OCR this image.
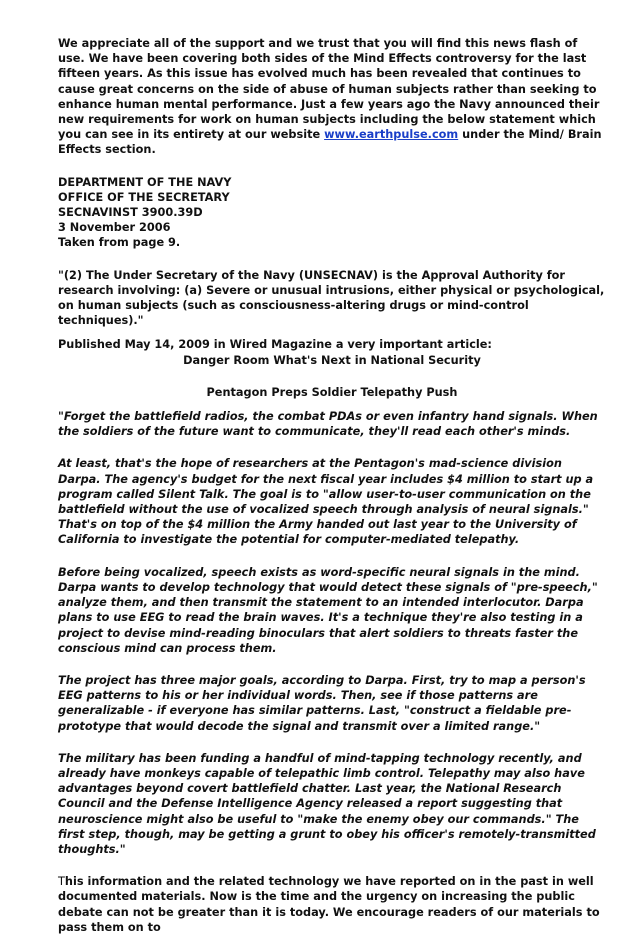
We appreciate all of the support and we trust that you will find this news flash of use. We have been covering both sides of the Mind Effects controversy for the last fifteen years. As this issue has evolved much has been revealed that continues to cause great concerns on the side of abuse of human subjects rather than seeking to enhance human mental performance. Just a few years ago the Navy announced their new requirements for work on human subjects including the below statement which you can see in its entirety at our website www.earthpulse.com under the Mind/ Brain Effects section.

DEPARTMENT OF THE NAVY

OFFICE OF THE SECRETARY

SECNAVINST 3900.39D

3 November 2006

Taken from page 9.

"(2) The Under Secretary of the Navy (UNSECNAV) is the Approval Authority for research involving: (a) Severe or unusual intrusions, either physical or psychological, on human subjects (such as consciousness-altering drugs or mind-control techniques)."

Published May 14, 2009 in Wired Magazine a very important article:

Danger Room What's Next in National Security

Pentagon Preps Soldier Telepathy Push

"Forget the battlefield radios, the combat PDAs or even infantry hand signals. When the soldiers of the future want to communicate, they'll read each other's minds.

At least, that's the hope of researchers at the Pentagon's mad-science division Darpa. The agency's budget for the next fiscal year includes $4 million to start up a program called Silent Talk. The goal is to "allow user-to-user communication on the battlefield without the use of vocalized speech through analysis of neural signals." That's on top of the $4 million the Army handed out last year to the University of California to investigate the potential for computer-mediated telepathy.

Before being vocalized, speech exists as word-specific neural signals in the mind. Darpa wants to develop technology that would detect these signals of "pre-speech," analyze them, and then transmit the statement to an intended interlocutor. Darpa plans to use EEG to read the brain waves. It's a technique they're also testing in a project to devise mind-reading binoculars that alert soldiers to threats faster the conscious mind can process them.

The project has three major goals, according to Darpa. First, try to map a person's EEG patterns to his or her individual words. Then, see if those patterns are generalizable - if everyone has similar patterns. Last, "construct a fieldable pre-prototype that would decode the signal and transmit over a limited range."

The military has been funding a handful of mind-tapping technology recently, and already have monkeys capable of telepathic limb control. Telepathy may also have advantages beyond covert battlefield chatter. Last year, the National Research Council and the Defense Intelligence Agency released a report suggesting that neuroscience might also be useful to "make the enemy obey our commands." The first step, though, may be getting a grunt to obey his officer's remotely-transmitted thoughts."

This information and the related technology we have reported on in the past in well documented materials. Now is the time and the urgency on increasing the public debate can not be greater than it is today. We encourage readers of our materials to pass them on to
